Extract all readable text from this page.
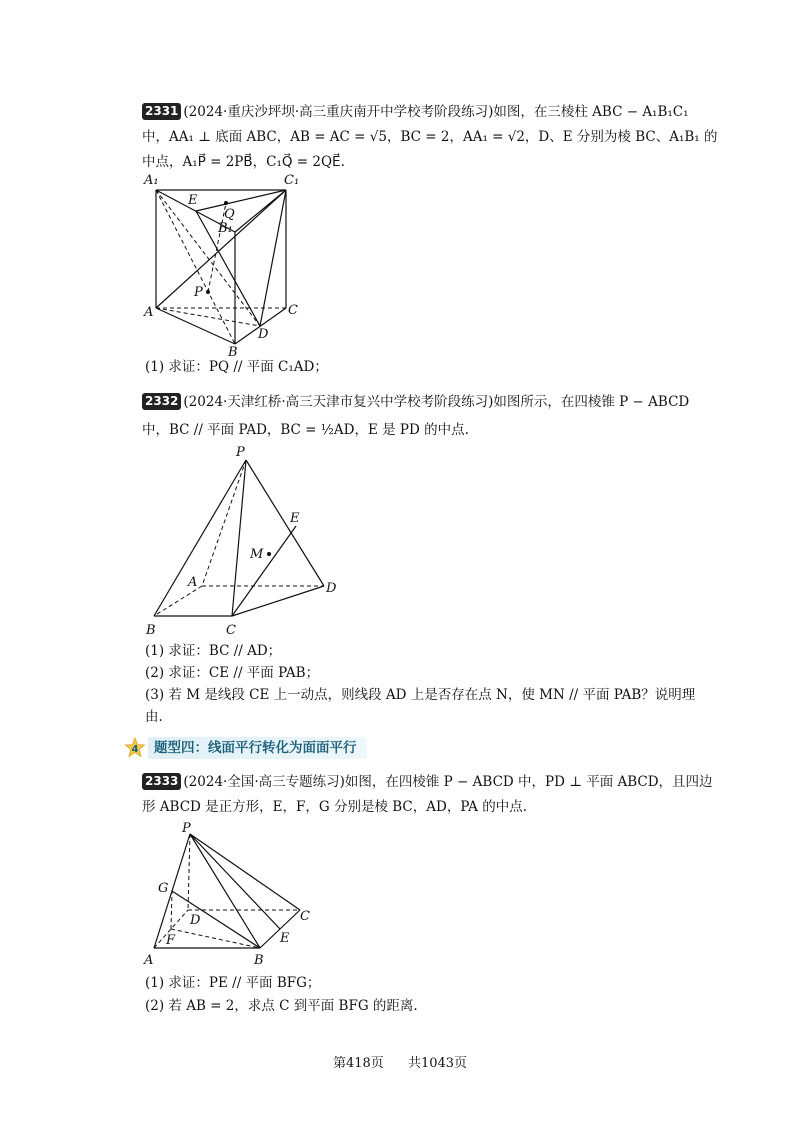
2331 (2024·重庆沙坪坝·高三重庆南开中学校考阶段练习)如图，在三棱柱 ABC − A₁B₁C₁
中，AA₁ ⊥ 底面 ABC，AB = AC = √5，BC = 2，AA₁ = √2，D、E 分别为棱 BC、A₁B₁ 的
中点，A₁P⃗ = 2PB⃗，C₁Q⃗ = 2QE⃗.
A₁	C₁
E
Q
B₁
P
A	C
D
B
(1) 求证：PQ // 平面 C₁AD；
2332 (2024·天津红桥·高三天津市复兴中学校考阶段练习)如图所示，在四棱锥 P − ABCD
中，BC // 平面 PAD，BC = ½AD，E 是 PD 的中点.
P
E
M
A	D
B	C
(1) 求证：BC // AD；
(2) 求证：CE // 平面 PAB；
(3) 若 M 是线段 CE 上一动点，则线段 AD 上是否存在点 N，使 MN // 平面 PAB？说明理
由.
4	题型四：线面平行转化为面面平行
2333 (2024·全国·高三专题练习)如图，在四棱锥 P − ABCD 中，PD ⊥ 平面 ABCD，且四边
形 ABCD 是正方形，E，F，G 分别是棱 BC，AD，PA 的中点.
P
G
D	C
F	E
A	B
(1) 求证：PE // 平面 BFG；
(2) 若 AB = 2，求点 C 到平面 BFG 的距离.
第418页 共1043页
